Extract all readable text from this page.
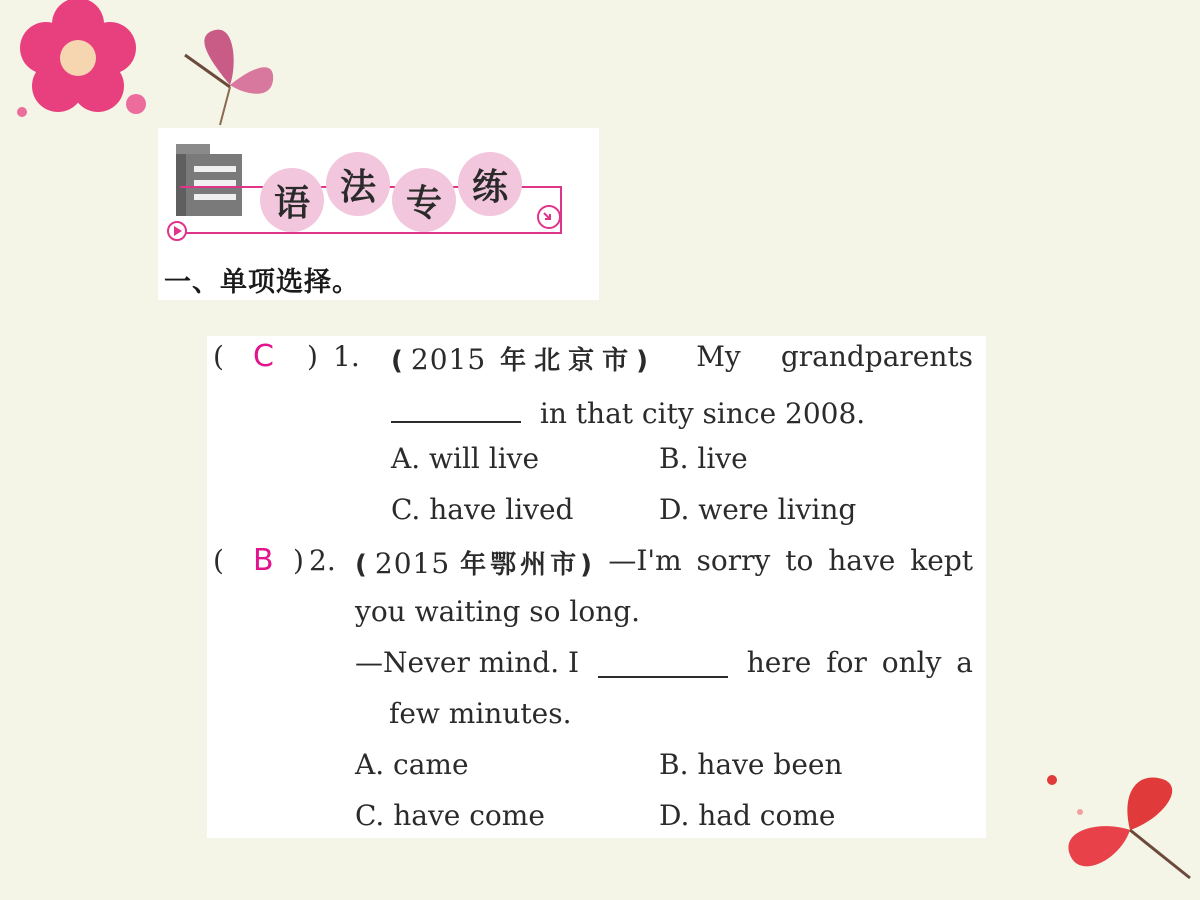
语 法 专 练
一、单项选择。
( C ) 1. (2015 年北京市) My grandparents
in that city since 2008.
A. will live	B. live
C. have lived	D. were living
( B ) 2. (2015 年鄂州市) —I'm sorry to have kept
you waiting so long.
—Never mind. I	here for only a
few minutes.
A. came	B. have been
C. have come	D. had come
